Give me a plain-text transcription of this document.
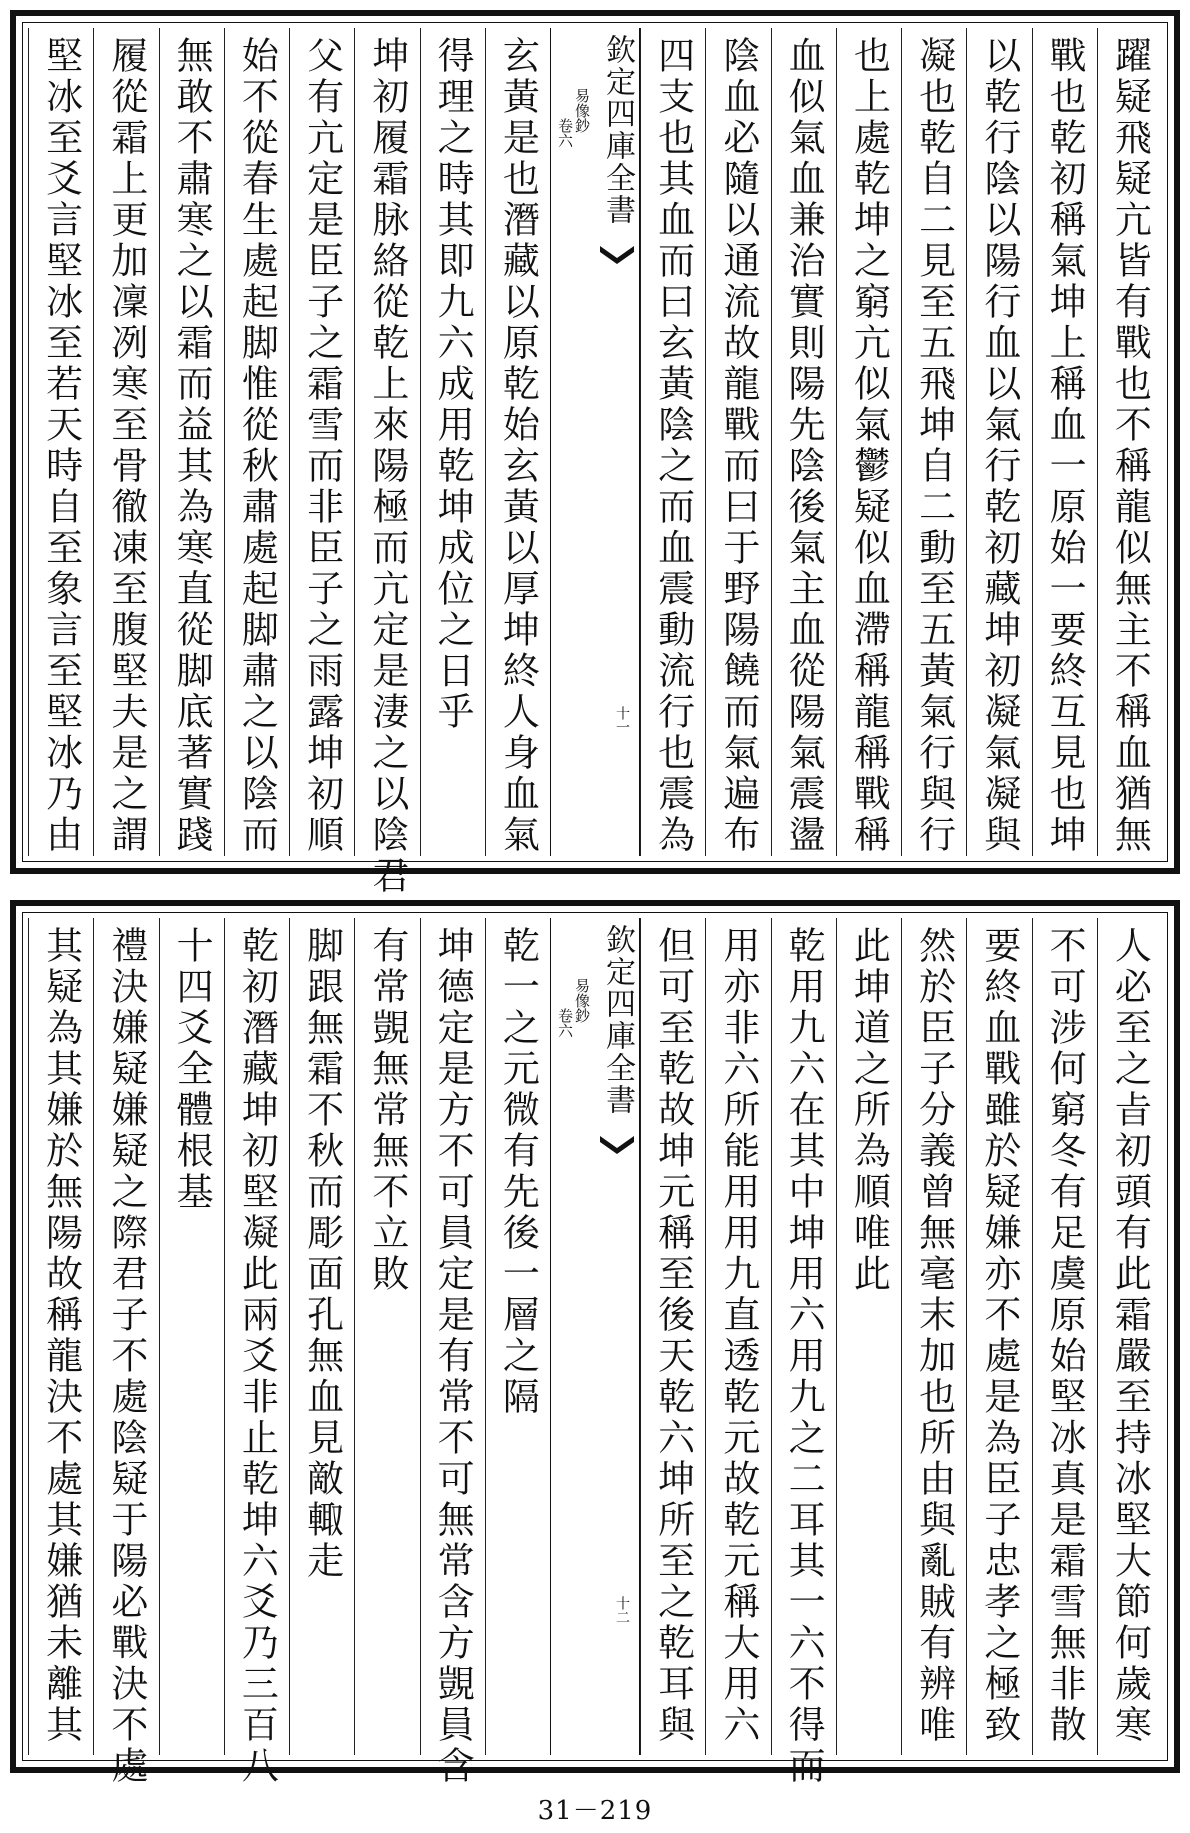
躍疑飛疑亢皆有戰也不稱龍似無主不稱血猶無
戰也乾初稱氣坤上稱血一原始一要終互見也坤
以乾行陰以陽行血以氣行乾初藏坤初凝氣凝與
凝也乾自二見至五飛坤自二動至五黃氣行與行
也上處乾坤之窮亢似氣鬱疑似血滯稱龍稱戰稱
血似氣血兼治實則陽先陰後氣主血從陽氣震盪
陰血必隨以通流故龍戰而曰于野陽饒而氣遍布
四支也其血而曰玄黃陰之而血震動流行也震為
欽定四庫全書
易像鈔
卷六
玄黃是也潛藏以原乾始玄黃以厚坤終人身血氣
得理之時其即九六成用乾坤成位之日乎
坤初履霜脉絡從乾上來陽極而亢定是淒之以陰君
父有亢定是臣子之霜雪而非臣子之雨露坤初順
始不從春生處起脚惟從秋肅處起脚肅之以陰而
無敢不肅寒之以霜而益其為寒直從脚底著實踐
履從霜上更加凜冽寒至骨徹凍至腹堅夫是之謂
堅冰至爻言堅冰至若天時自至象言至堅冰乃由	十一
人必至之㫖初頭有此霜嚴至持冰堅大節何歲寒
不可涉何窮冬有足虞原始堅冰真是霜雪無非散
要終血戰雖於疑嫌亦不處是為臣子忠孝之極致
然於臣子分義曾無毫末加也所由與亂賊有辨唯
此坤道之所為順唯此
乾用九六在其中坤用六用九之二耳其一六不得而
用亦非六所能用用九直透乾元故乾元稱大用六
但可至乾故坤元稱至後天乾六坤所至之乾耳與
欽定四庫全書
易像鈔
卷六
乾一之元微有先後一層之隔
坤德定是方不可員定是有常不可無常含方覬員含
有常覬無常無不立敗
脚跟無霜不秋而彫面孔無血見敵輙走
乾初潛藏坤初堅凝此兩爻非止乾坤六爻乃三百八
十四爻全體根基
禮決嫌疑嫌疑之際君子不處陰疑于陽必戰決不處
其疑為其嫌於無陽故稱龍決不處其嫌猶未離其	十二
31－219
